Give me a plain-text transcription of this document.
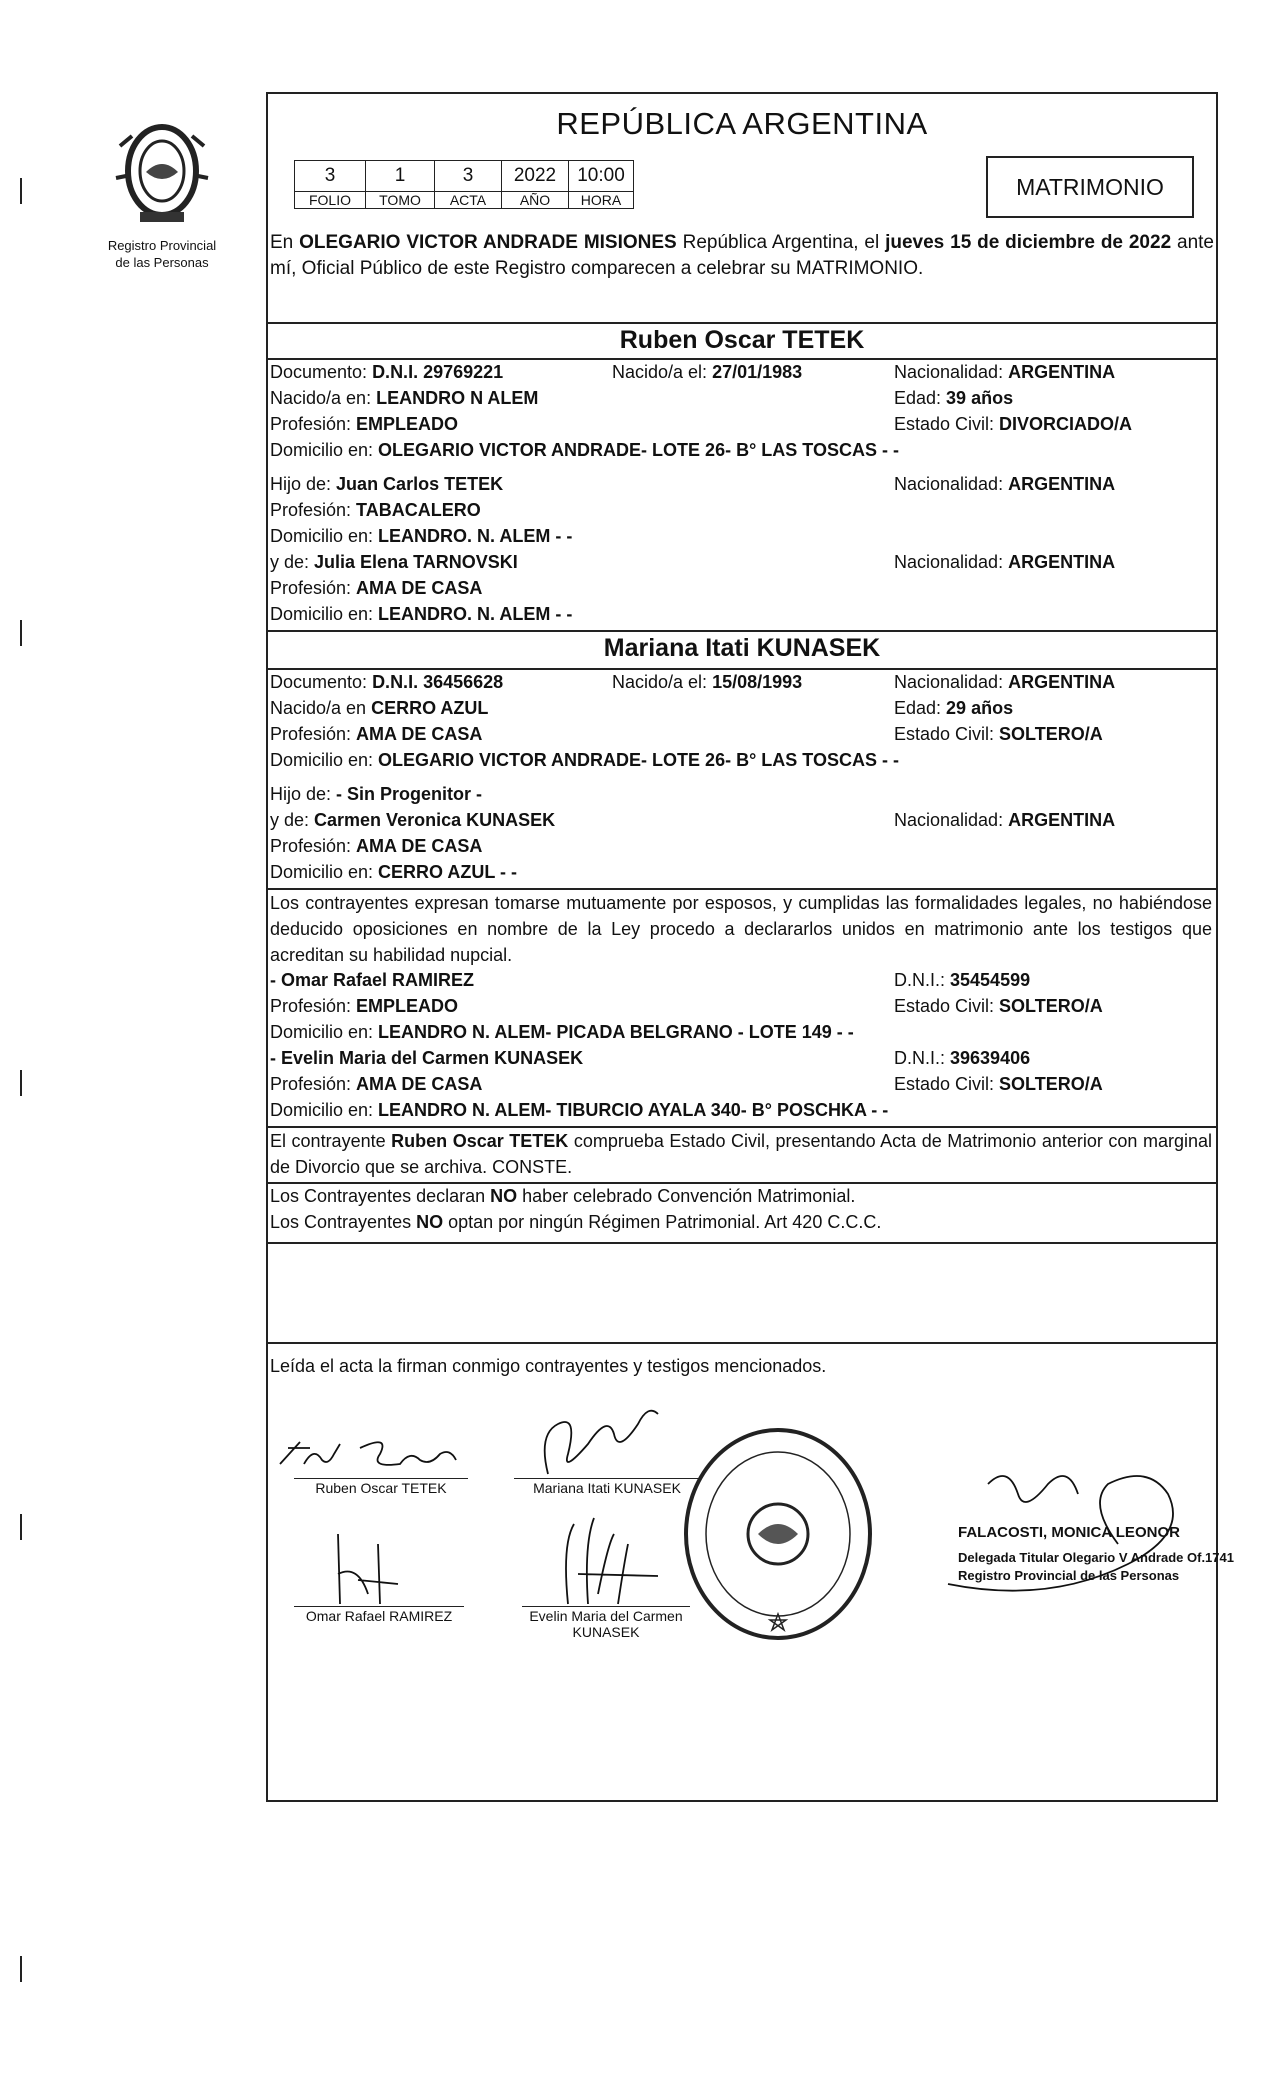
Registro Provincial
de las Personas
REPÚBLICA ARGENTINA
3	1	3	2022	10:00
FOLIO	TOMO	ACTA	AÑO	HORA
MATRIMONIO
En OLEGARIO VICTOR ANDRADE MISIONES República Argentina, el jueves 15 de diciembre de 2022 ante mí, Oficial Público de este Registro comparecen a celebrar su MATRIMONIO.
Ruben Oscar TETEK
Documento: D.N.I. 29769221	Nacido/a el: 27/01/1983	Nacionalidad: ARGENTINA
Nacido/a en: LEANDRO N ALEM	Edad: 39 años
Profesión: EMPLEADO	Estado Civil: DIVORCIADO/A
Domicilio en: OLEGARIO VICTOR ANDRADE- LOTE 26- B° LAS TOSCAS - -
Hijo de: Juan Carlos TETEK	Nacionalidad: ARGENTINA
Profesión: TABACALERO
Domicilio en: LEANDRO. N. ALEM - -
y de: Julia Elena TARNOVSKI	Nacionalidad: ARGENTINA
Profesión: AMA DE CASA
Domicilio en: LEANDRO. N. ALEM - -
Mariana Itati KUNASEK
Documento: D.N.I. 36456628	Nacido/a el: 15/08/1993	Nacionalidad: ARGENTINA
Nacido/a en CERRO AZUL	Edad: 29 años
Profesión: AMA DE CASA	Estado Civil: SOLTERO/A
Domicilio en: OLEGARIO VICTOR ANDRADE- LOTE 26- B° LAS TOSCAS - -
Hijo de: - Sin Progenitor -
y de: Carmen Veronica KUNASEK	Nacionalidad: ARGENTINA
Profesión: AMA DE CASA
Domicilio en: CERRO AZUL - -
Los contrayentes expresan tomarse mutuamente por esposos, y cumplidas las formalidades legales, no habiéndose deducido oposiciones en nombre de la Ley procedo a declararlos unidos en matrimonio ante los testigos que acreditan su habilidad nupcial.
- Omar Rafael RAMIREZ	D.N.I.: 35454599
Profesión: EMPLEADO	Estado Civil: SOLTERO/A
Domicilio en: LEANDRO N. ALEM- PICADA BELGRANO - LOTE 149 - -
- Evelin Maria del Carmen KUNASEK	D.N.I.: 39639406
Profesión: AMA DE CASA	Estado Civil: SOLTERO/A
Domicilio en: LEANDRO N. ALEM- TIBURCIO AYALA 340- B° POSCHKA - -
El contrayente Ruben Oscar TETEK comprueba Estado Civil, presentando Acta de Matrimonio anterior con marginal de Divorcio que se archiva. CONSTE.
Los Contrayentes declaran NO haber celebrado Convención Matrimonial.
Los Contrayentes NO optan por ningún Régimen Patrimonial. Art 420 C.C.C.
Leída el acta la firman conmigo contrayentes y testigos mencionados.
Ruben Oscar TETEK	Mariana Itati KUNASEK
Omar Rafael RAMIREZ	Evelin Maria del Carmen
KUNASEK
FALACOSTI, MONICA LEONOR
Delegada Titular Olegario V Andrade Of.1741
Registro Provincial de las Personas
